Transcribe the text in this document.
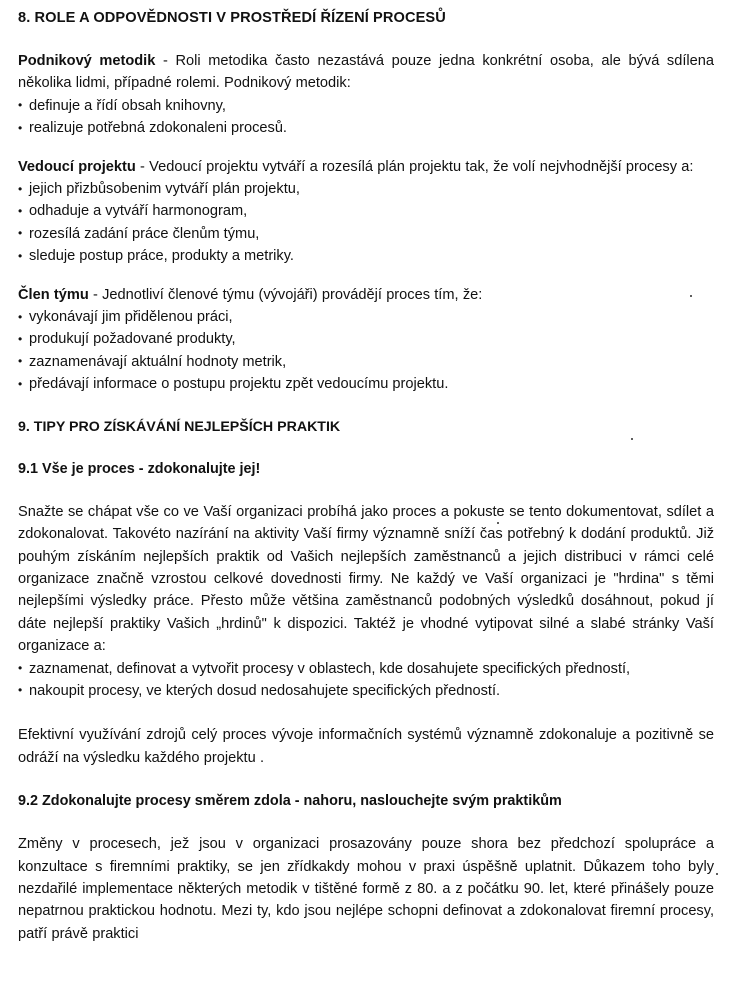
8. ROLE A ODPOVĚDNOSTI V PROSTŘEDÍ ŘÍZENÍ PROCESŮ

Podnikový metodik - Roli metodika často nezastává pouze jedna konkrétní osoba, ale bývá sdílena několika lidmi, případné rolemi. Podnikový metodik:

• definuje a řídí obsah knihovny,
• realizuje potřebná zdokonaleni procesů.

Vedoucí projektu - Vedoucí projektu vytváří a rozesílá plán projektu tak, že volí nejvhodnější procesy a:

• jejich přizbůsobenim vytváří plán projektu,
• odhaduje a vytváří harmonogram,
• rozesílá zadání práce členům týmu,
• sleduje postup práce, produkty a metriky.

Člen týmu - Jednotliví členové týmu (vývojáři) provádějí proces tím, že:

• vykonávají jim přidělenou práci,
• produkují požadované produkty,
• zaznamenávají aktuální hodnoty metrik,
• předávají informace o postupu projektu zpět vedoucímu projektu.
9. TIPY PRO ZÍSKÁVÁNÍ NEJLEPŠÍCH PRAKTIK
9.1 Vše je proces - zdokonalujte jej!

Snažte se chápat vše co ve Vaší organizaci probíhá jako proces a pokuste se tento dokumentovat, sdílet a zdokonalovat. Takovéto nazírání na aktivity Vaší firmy významně sníží čas potřebný k dodání produktů. Již pouhým získáním nejlepších praktik od Vašich nejlepších zaměstnanců a jejich distribuci v rámci celé organizace značně vzrostou celkové dovednosti firmy. Ne každý ve Vaší organizaci je "hrdina" s těmi nejlepšími výsledky práce. Přesto může většina zaměstnanců podobných výsledků dosáhnout, pokud jí dáte nejlepší praktiky Vašich „hrdinů" k dispozici. Taktéž je vhodné vytipovat silné a slabé stránky Vaší organizace a:

• zaznamenat, definovat a vytvořit procesy v oblastech, kde dosahujete specifických předností,
• nakoupit procesy, ve kterých dosud nedosahujete specifických předností.

Efektivní využívání zdrojů celý proces vývoje informačních systémů významně zdokonaluje a pozitivně se odráží na výsledku každého projektu .

9.2 Zdokonalujte procesy směrem zdola - nahoru, naslouchejte svým praktikům

Změny v procesech, jež jsou v organizaci prosazovány pouze shora bez předchozí spolupráce a konzultace s firemními praktiky, se jen zřídkakdy mohou v praxi úspěšně uplatnit. Důkazem toho byly nezdařilé implementace některých metodik v tištěné formě z 80. a z počátku 90. let, které přinášely pouze nepatrnou praktickou hodnotu. Mezi ty, kdo jsou nejlépe schopni definovat a zdokonalovat firemní procesy, patří právě praktici
